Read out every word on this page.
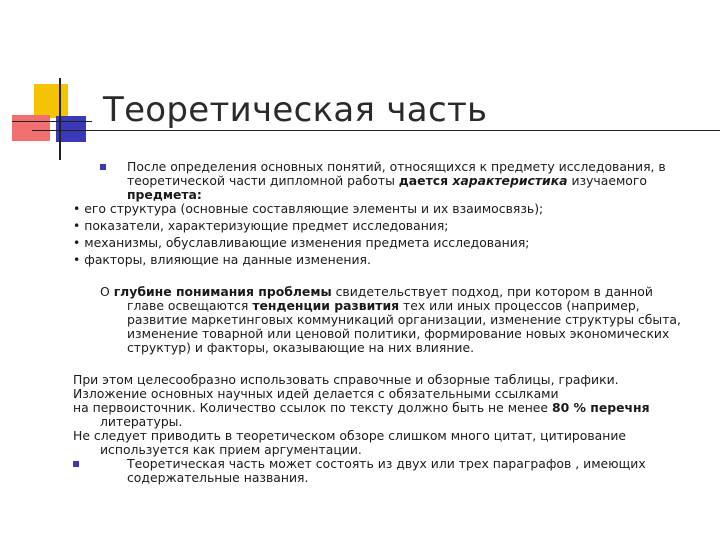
Теоретическая часть
После определения основных понятий, относящихся к предмету исследования, в теоретической части дипломной работы дается характеристика изучаемого предмета:
• его структура (основные составляющие элементы и их взаимосвязь);
• показатели, характеризующие предмет исследования;
• механизмы, обуславливающие изменения предмета исследования;
• факторы, влияющие на данные изменения.
О глубине понимания проблемы свидетельствует подход, при котором в данной главе освещаются тенденции развития тех или иных процессов (например, развитие маркетинговых коммуникаций организации, изменение структуры сбыта, изменение товарной или ценовой политики, формирование новых экономических структур) и факторы, оказывающие на них влияние.
При этом целесообразно использовать справочные и обзорные таблицы, графики.
Изложение основных научных идей делается с обязательными ссылками
на первоисточник. Количество ссылок по тексту должно быть не менее 80 % перечня
литературы.
Не следует приводить в теоретическом обзоре слишком много цитат, цитирование используется как прием аргументации.
Теоретическая часть может состоять из двух или трех параграфов , имеющих содержательные названия.
